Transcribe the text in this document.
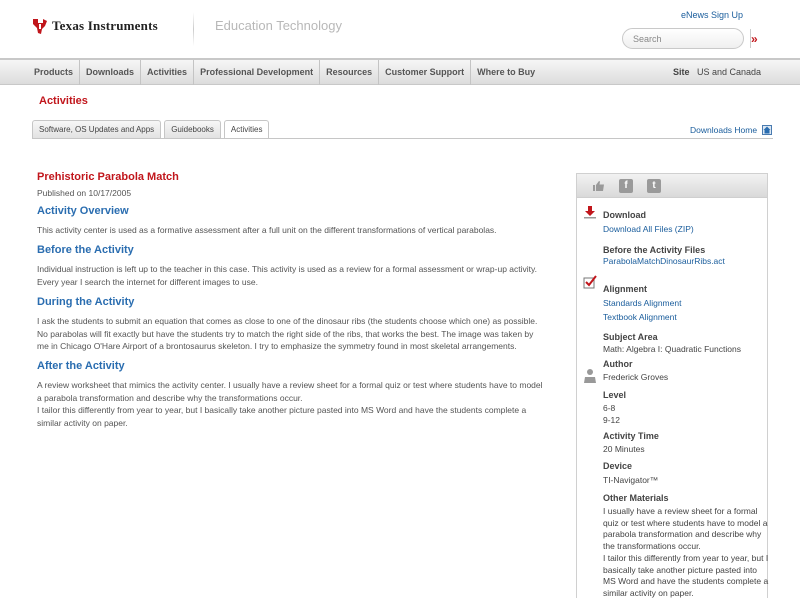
Texas Instruments	Education Technology
eNews Sign Up
Search
»
Products	Downloads	Activities	Professional Development	Resources	Customer Support	Where to Buy	Site US and Canada
Activities
Software, OS Updates and Apps	Guidebooks	Activities	Downloads Home
Prehistoric Parabola Match
Published on 10/17/2005
Activity Overview

This activity center is used as a formative assessment after a full unit on the different transformations of vertical parabolas.

Before the Activity

Individual instruction is left up to the teacher in this case. This activity is used as a review for a formal assessment or wrap-up activity. Every year I search the internet for different images to use.

During the Activity

I ask the students to submit an equation that comes as close to one of the dinosaur ribs (the students choose which one) as possible. No parabolas will fit exactly but have the students try to match the right side of the ribs, that works the best. The image was taken by me in Chicago O'Hare Airport of a brontosaurus skeleton. I try to emphasize the symmetry found in most skeletal arrangements.

After the Activity

A review worksheet that mimics the activity center. I usually have a review sheet for a formal quiz or test where students have to model a parabola transformation and describe why the transformations occur.
I tailor this differently from year to year, but I basically take another picture pasted into MS Word and have the students complete a similar activity on paper.

f	t
Download
Download All Files (ZIP)
Before the Activity Files
ParabolaMatchDinosaurRibs.act
Alignment
Standards Alignment
Textbook Alignment
Subject Area
Math: Algebra I: Quadratic Functions
Author
Frederick Groves
Level
6-8
9-12
Activity Time
20 Minutes
Device
TI-Navigator™
Other Materials
I usually have a review sheet for a formal quiz or test where students have to model a parabola transformation and describe why the transformations occur.
I tailor this differently from year to year, but I basically take another picture pasted into MS Word and have the students complete a similar activity on paper.
